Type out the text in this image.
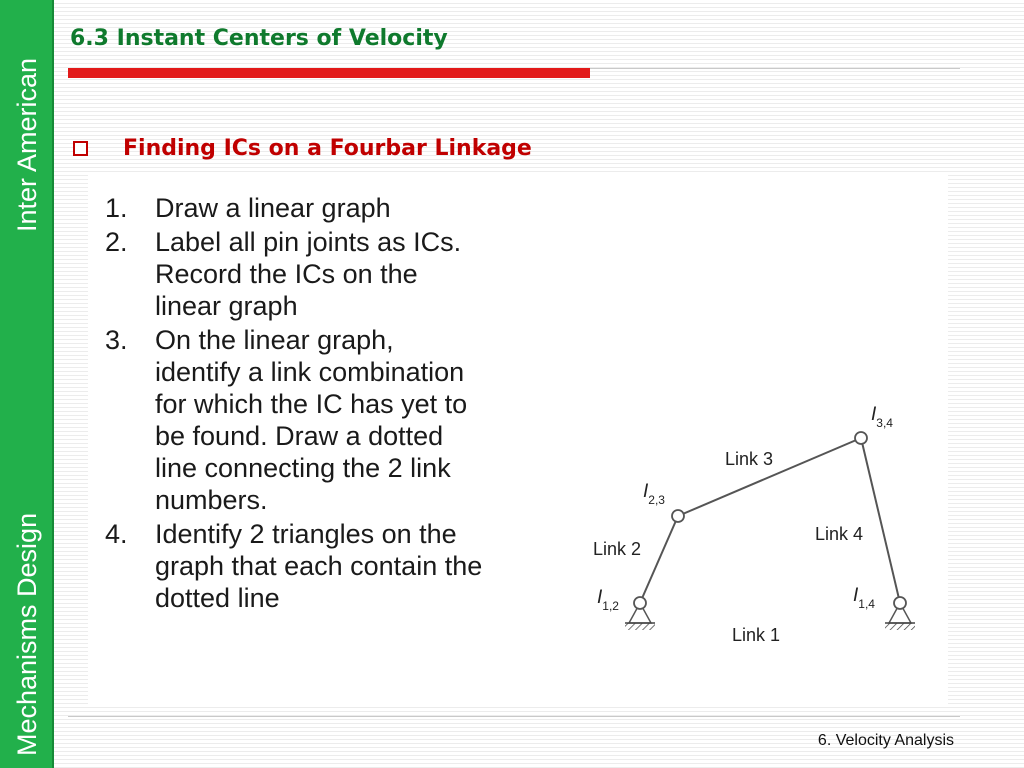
Inter American
Mechanisms Design
6.3 Instant Centers of Velocity
Finding ICs on a Fourbar Linkage
1. Draw a linear graph
2. Label all pin joints as ICs. Record the ICs on the linear graph
3. On the linear graph, identify a link combination for which the IC has yet to be found. Draw a dotted line connecting the 2 link numbers.
4. Identify 2 triangles on the graph that each contain the dotted line
Link 3
Link 2
Link 4
Link 1
$I_{3,4}$
$I_{2,3}$
$I_{1,2}$	$I_{1,4}$
6. Velocity Analysis
